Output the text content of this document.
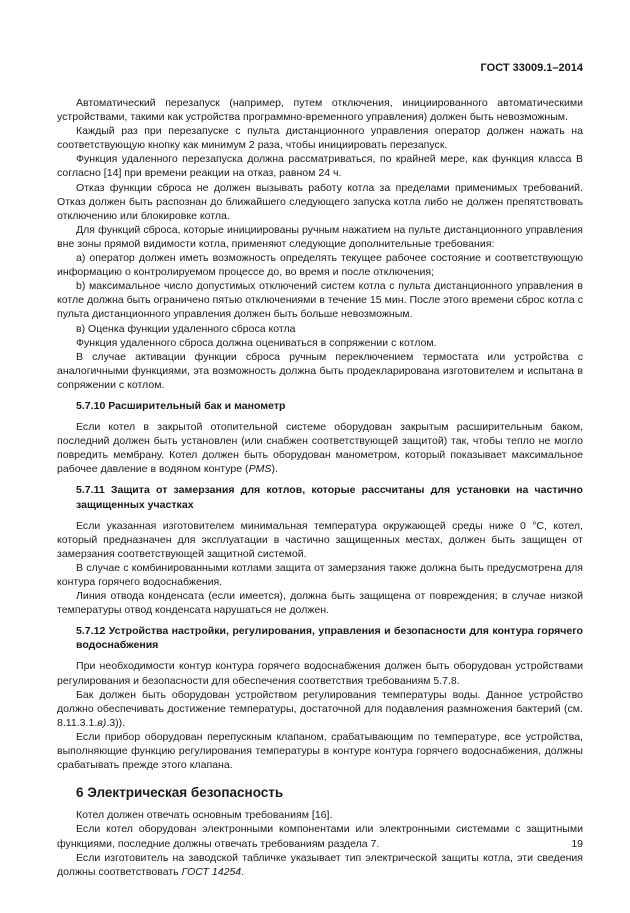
ГОСТ 33009.1–2014

Автоматический перезапуск (например, путем отключения, инициированного автоматическими устройствами, такими как устройства программно-временного управления) должен быть невозможным.

Каждый раз при перезапуске с пульта дистанционного управления оператор должен нажать на соответствующую кнопку как минимум 2 раза, чтобы инициировать перезапуск.

Функция удаленного перезапуска должна рассматриваться, по крайней мере, как функция класса В согласно [14] при времени реакции на отказ, равном 24 ч.

Отказ функции сброса не должен вызывать работу котла за пределами применимых требований. Отказ должен быть распознан до ближайшего следующего запуска котла либо не должен препятствовать отключению или блокировке котла.

Для функций сброса, которые инициированы ручным нажатием на пульте дистанционного управления вне зоны прямой видимости котла, применяют следующие дополнительные требования:

а) оператор должен иметь возможность определять текущее рабочее состояние и соответствующую информацию о контролируемом процессе до, во время и после отключения;

b) максимальное число допустимых отключений систем котла с пульта дистанционного управления в котле должна быть ограничено пятью отключениями в течение 15 мин. После этого времени сброс котла с пульта дистанционного управления должен быть больше невозможным.

в) Оценка функции удаленного сброса котла

Функция удаленного сброса должна оцениваться в сопряжении с котлом.

В случае активации функции сброса ручным переключением термостата или устройства с аналогичными функциями, эта возможность должна быть продекларирована изготовителем и испытана в сопряжении с котлом.

5.7.10 Расширительный бак и манометр

Если котел в закрытой отопительной системе оборудован закрытым расширительным баком, последний должен быть установлен (или снабжен соответствующей защитой) так, чтобы тепло не могло повредить мембрану. Котел должен быть оборудован манометром, который показывает максимальное рабочее давление в водяном контуре (PMS).

5.7.11 Защита от замерзания для котлов, которые рассчитаны для установки на частично защищенных участках

Если указанная изготовителем минимальная температура окружающей среды ниже 0 °С, котел, который предназначен для эксплуатации в частично защищенных местах, должен быть защищен от замерзания соответствующей защитной системой.

В случае с комбинированными котлами защита от замерзания также должна быть предусмотрена для контура горячего водоснабжения.

Линия отвода конденсата (если имеется), должна быть защищена от повреждения; в случае низкой температуры отвод конденсата нарушаться не должен.

5.7.12 Устройства настройки, регулирования, управления и безопасности для контура горячего водоснабжения

При необходимости контур контура горячего водоснабжения должен быть оборудован устройствами регулирования и безопасности для обеспечения соответствия требованиям 5.7.8.

Бак должен быть оборудован устройством регулирования температуры воды. Данное устройство должно обеспечивать достижение температуры, достаточной для подавления размножения бактерий (см. 8.11.3.1.в).3)).

Если прибор оборудован перепускным клапаном, срабатывающим по температуре, все устройства, выполняющие функцию регулирования температуры в контуре контура горячего водоснабжения, должны срабатывать прежде этого клапана.

6 Электрическая безопасность

Котел должен отвечать основным требованиям [16].

Если котел оборудован электронными компонентами или электронными системами с защитными функциями, последние должны отвечать требованиям раздела 7.

Если изготовитель на заводской табличке указывает тип электрической защиты котла, эти сведения должны соответствовать ГОСТ 14254.

19
